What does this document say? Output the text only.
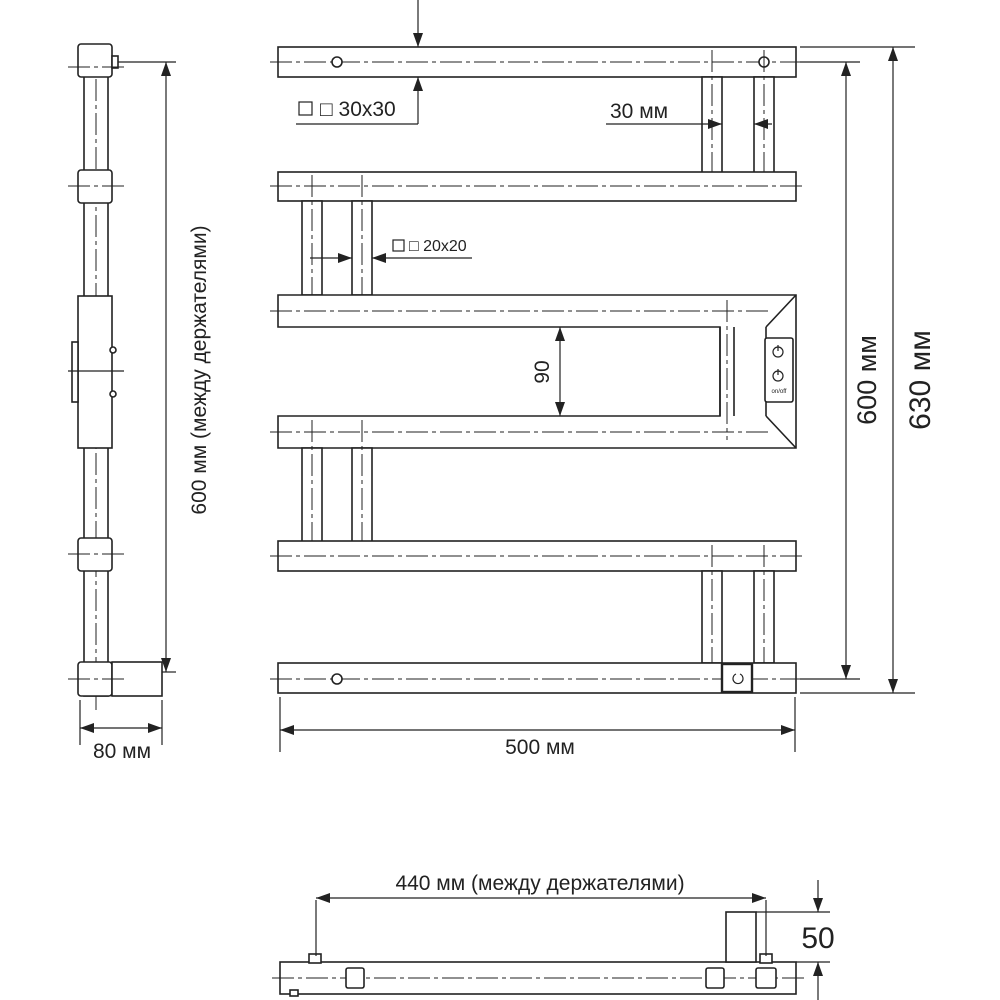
600 мм (между держателями)
80 мм
on/off
□ 30x30	30 мм
□ 20x20
90	600 мм 630 мм
500 мм
440 мм (между держателями)
50
